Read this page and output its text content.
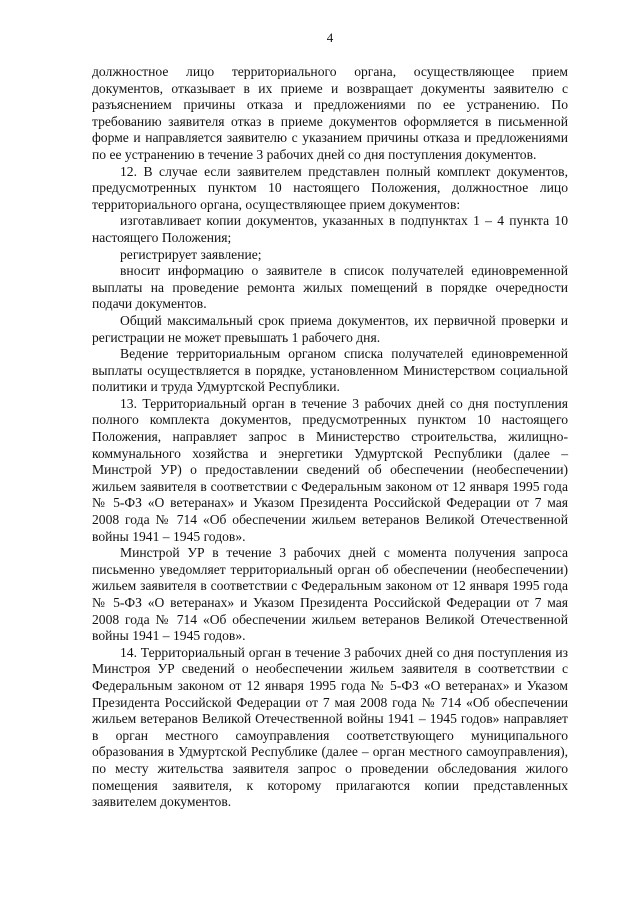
4

должностное лицо территориального органа, осуществляющее прием документов, отказывает в их приеме и возвращает документы заявителю с разъяснением причины отказа и предложениями по ее устранению. По требованию заявителя отказ в приеме документов оформляется в письменной форме и направляется заявителю с указанием причины отказа и предложениями по ее устранению в течение 3 рабочих дней со дня поступления документов.

12. В случае если заявителем представлен полный комплект документов, предусмотренных пунктом 10 настоящего Положения, должностное лицо территориального органа, осуществляющее прием документов:

изготавливает копии документов, указанных в подпунктах 1 – 4 пункта 10 настоящего Положения;

регистрирует заявление;

вносит информацию о заявителе в список получателей единовременной выплаты на проведение ремонта жилых помещений в порядке очередности подачи документов.

Общий максимальный срок приема документов, их первичной проверки и регистрации не может превышать 1 рабочего дня.

Ведение территориальным органом списка получателей единовременной выплаты осуществляется в порядке, установленном Министерством социальной политики и труда Удмуртской Республики.

13. Территориальный орган в течение 3 рабочих дней со дня поступления полного комплекта документов, предусмотренных пунктом 10 настоящего Положения, направляет запрос в Министерство строительства, жилищно-коммунального хозяйства и энергетики Удмуртской Республики (далее – Минстрой УР) о предоставлении сведений об обеспечении (необеспечении) жильем заявителя в соответствии с Федеральным законом от 12 января 1995 года № 5-ФЗ «О ветеранах» и Указом Президента Российской Федерации от 7 мая 2008 года № 714 «Об обеспечении жильем ветеранов Великой Отечественной войны 1941 – 1945 годов».

Минстрой УР в течение 3 рабочих дней с момента получения запроса письменно уведомляет территориальный орган об обеспечении (необеспечении) жильем заявителя в соответствии с Федеральным законом от 12 января 1995 года № 5-ФЗ «О ветеранах» и Указом Президента Российской Федерации от 7 мая 2008 года № 714 «Об обеспечении жильем ветеранов Великой Отечественной войны 1941 – 1945 годов».

14. Территориальный орган в течение 3 рабочих дней со дня поступления из Минстроя УР сведений о необеспечении жильем заявителя в соответствии с Федеральным законом от 12 января 1995 года № 5-ФЗ «О ветеранах» и Указом Президента Российской Федерации от 7 мая 2008 года № 714 «Об обеспечении жильем ветеранов Великой Отечественной войны 1941 – 1945 годов» направляет в орган местного самоуправления соответствующего муниципального образования в Удмуртской Республике (далее – орган местного самоуправления), по месту жительства заявителя запрос о проведении обследования жилого помещения заявителя, к которому прилагаются копии представленных заявителем документов.
